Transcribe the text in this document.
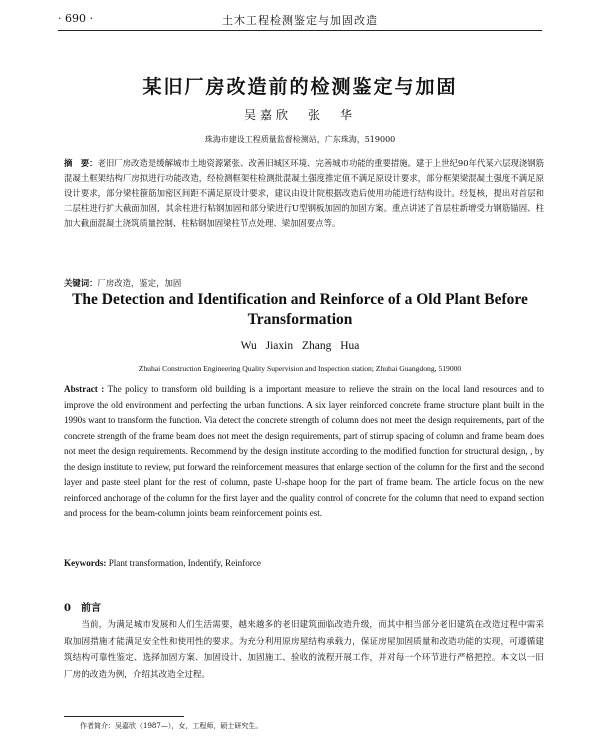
· 690 ·	土木工程检测鉴定与加固改造
某旧厂房改造前的检测鉴定与加固
吴嘉欣　张　华
珠海市建设工程质量监督检测站，广东珠海，519000
摘　要：老旧厂房改造是缓解城市土地资源紧张、改善旧城区环境、完善城市功能的重要措施。建于上世纪90年代某六层现浇钢筋混凝土框架结构厂房拟进行功能改造，经检测框架柱检测批混凝土强度推定值不满足原设计要求，部分框架梁混凝土强度不满足原设计要求，部分梁柱箍筋加密区间距不满足原设计要求，建议由设计院根据改造后使用功能进行结构设计。经复核，提出对首层和二层柱进行扩大截面加固，其余柱进行粘钢加固和部分梁进行U型钢板加固的加固方案。重点讲述了首层柱新增受力钢筋锚固、柱加大截面混凝土浇筑质量控制、柱粘钢加固梁柱节点处理、梁加固要点等。
关键词：厂房改造，鉴定，加固
The Detection and Identification and Reinforce of a Old Plant Before Transformation
Wu Jiaxin Zhang Hua
Zhuhai Construction Engineering Quality Supervision and Inspection station; Zhuhai Guangdong, 519000
Abstract : The policy to transform old building is a important measure to relieve the strain on the local land resources and to improve the old environment and perfecting the urban functions. A six layer reinforced concrete frame structure plant built in the 1990s want to transform the function. Via detect the concrete strength of column does not meet the design requirements, part of the concrete strength of the frame beam does not meet the design requirements, part of stirrup spacing of column and frame beam does not meet the design requirements. Recommend by the design institute according to the modified function for structural design, , by the design institute to review, put forward the reinforcement measures that enlarge section of the column for the first and the second layer and paste steel plant for the rest of column, paste U-shape hoop for the part of frame beam. The article focus on the new reinforced anchorage of the column for the first layer and the quality control of concrete for the column that need to expand section and process for the beam-column joints beam reinforcement points est.
Keywords: Plant transformation, Indentify, Reinforce
0 前言

当前，为满足城市发展和人们生活需要，越来越多的老旧建筑面临改造升级，而其中相当部分老旧建筑在改造过程中需采取加固措施才能满足安全性和使用性的要求。为充分利用原房屋结构承载力，保证房屋加固质量和改造功能的实现，可遵循建筑结构可靠性鉴定、选择加固方案、加固设计、加固施工、验收的流程开展工作，并对每一个环节进行严格把控。本文以一旧厂房的改造为例，介绍其改造全过程。

作者简介：吴嘉欣（1987—），女，工程师，硕士研究生。
